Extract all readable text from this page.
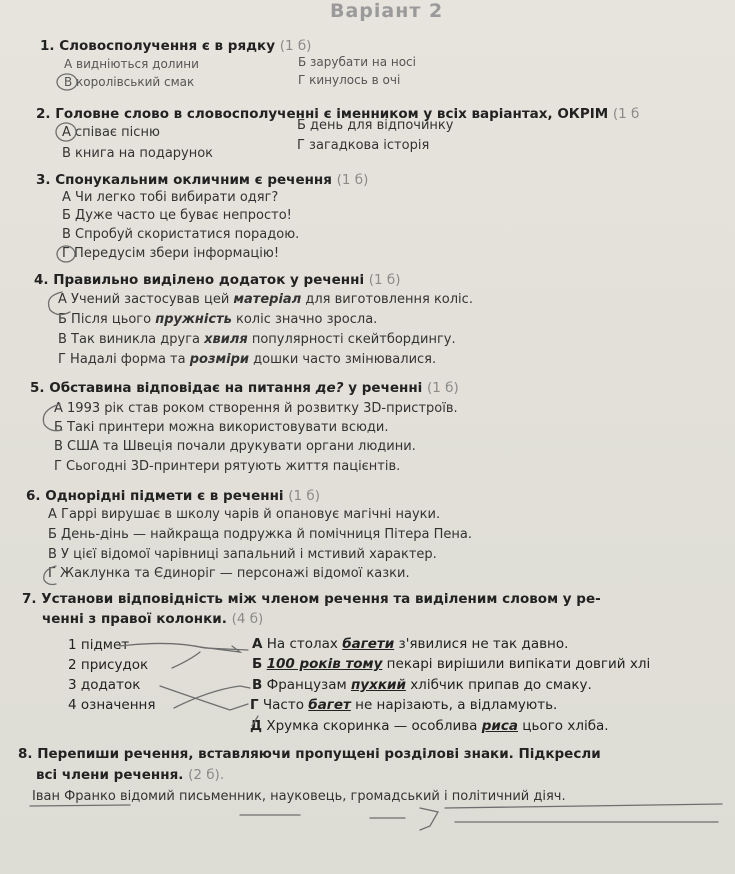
Варіант 2
1. Словосполучення є в рядку (1 б)
А видніються долини	Б зарубати на носі
В королівський смак	Г кинулось в очі
2. Головне слово в словосполученні є іменником у всіх варіантах, ОКРІМ (1 б
А співає пісню	Б день для відпочинку
В книга на подарунок
Г загадкова історія
3. Спонукальним окличним є речення (1 б)
А Чи легко тобі вибирати одяг?
Б Дуже часто це буває непросто!
В Спробуй скористатися порадою.
Г Передусім збери інформацію!
4. Правильно виділено додаток у реченні (1 б)
А Учений застосував цей матеріал для виготовлення коліс.
Б Після цього пружність коліс значно зросла.
В Так виникла друга хвиля популярності скейтбордингу.
Г Надалі форма та розміри дошки часто змінювалися.
5. Обставина відповідає на питання де? у реченні (1 б)
А 1993 рік став роком створення й розвитку 3D-пристроїв.
Б Такі принтери можна використовувати всюди.
В США та Швеція почали друкувати органи людини.
Г Сьогодні 3D-принтери рятують життя пацієнтів.
6. Однорідні підмети є в реченні (1 б)
А Гаррі вирушає в школу чарів й опановує магічні науки.
Б День-дінь — найкраща подружка й помічниця Пітера Пена.
В У цієї відомої чарівниці запальний і мстивий характер.
Г Жаклунка та Єдиноріг — персонажі відомої казки.
7. Установи відповідність між членом речення та виділеним словом у ре-
ченні з правої колонки. (4 б)
1 підмет
2 присудок
3 додаток
4 означення
А На столах багети з'явилися не так давно.
Б 100 років тому пекарі вирішили випікати довгий хлі
В Французам пухкий хлібчик припав до смаку.
Г Часто багет не нарізають, а відламують.
Д Хрумка скоринка — особлива риса цього хліба.
8. Перепиши речення, вставляючи пропущені розділові знаки. Підкресли
всі члени речення. (2 б).
Іван Франко відомий письменник, науковець, громадський і політичний діяч.
